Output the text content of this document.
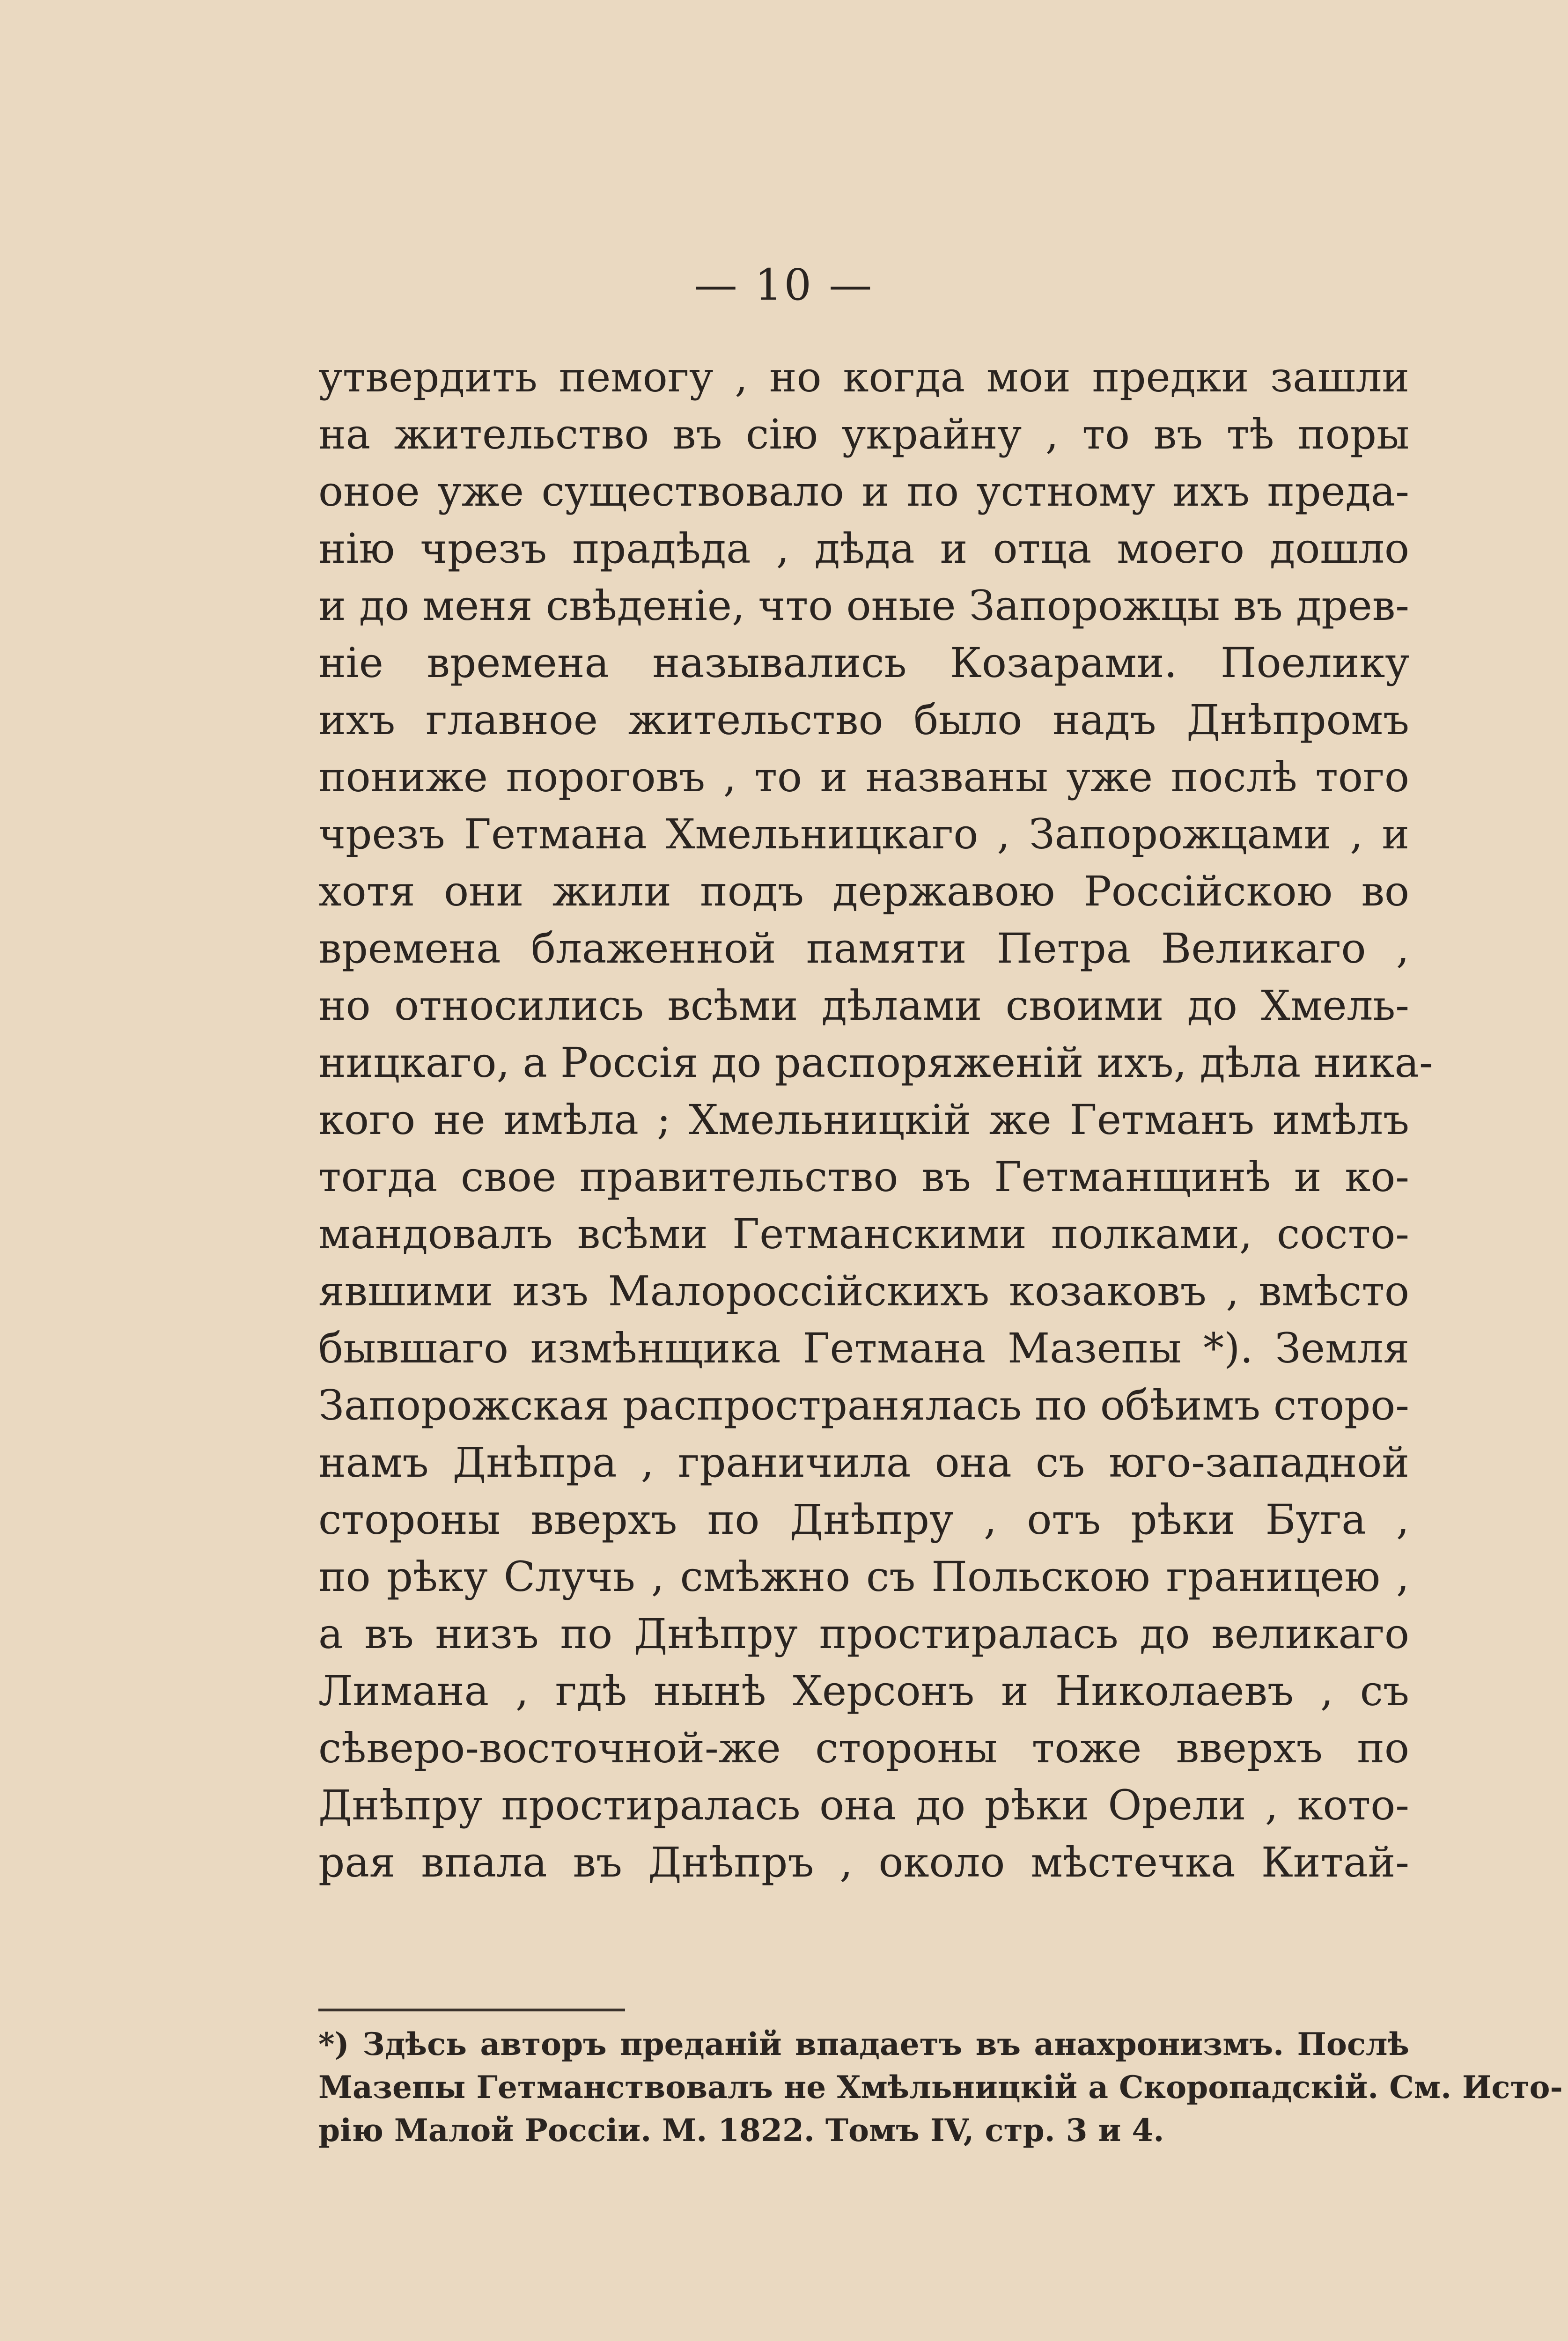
— 10 —
утвердить пемогу , но когда мои предки зашли
на жительство въ сію украйну , то въ тѣ поры
оное уже существовало и по устному ихъ преда-
нію чрезъ прадѣда , дѣда и отца моего дошло
и до меня свѣденіе, что оные Запорожцы въ древ-
ніе времена назывались Козарами. Поелику
ихъ главное жительство было надъ Днѣпромъ
пониже пороговъ , то и названы уже послѣ того
чрезъ Гетмана Хмельницкаго , Запорожцами , и
хотя они жили подъ державою Россійскою во
времена блаженной памяти Петра Великаго ,
но относились всѣми дѣлами своими до Хмель-
ницкаго, а Россія до распоряженій ихъ, дѣла ника-
кого не имѣла ; Хмельницкій же Гетманъ имѣлъ
тогда свое правительство въ Гетманщинѣ и ко-
мандовалъ всѣми Гетманскими полками, состо-
явшими изъ Малороссійскихъ козаковъ , вмѣсто
бывшаго измѣнщика Гетмана Мазепы *). Земля
Запорожская распространялась по обѣимъ сторо-
намъ Днѣпра , граничила она съ юго-западной
стороны вверхъ по Днѣпру , отъ рѣки Буга ,
по рѣку Случь , смѣжно съ Польскою границею ,
а въ низъ по Днѣпру простиралась до великаго
Лимана , гдѣ нынѣ Херсонъ и Николаевъ , съ
сѣверо-восточной-же стороны тоже вверхъ по
Днѣпру простиралась она до рѣки Орели , кото-
рая впала въ Днѣпръ , около мѣстечка Китай-
*) Здѣсь авторъ преданій впадаетъ въ анахронизмъ. Послѣ
Мазепы Гетманствовалъ не Хмѣльницкій а Скоропадскій. См. Исто-
рію Малой Россіи. М. 1822. Томъ IV, стр. 3 и 4.
